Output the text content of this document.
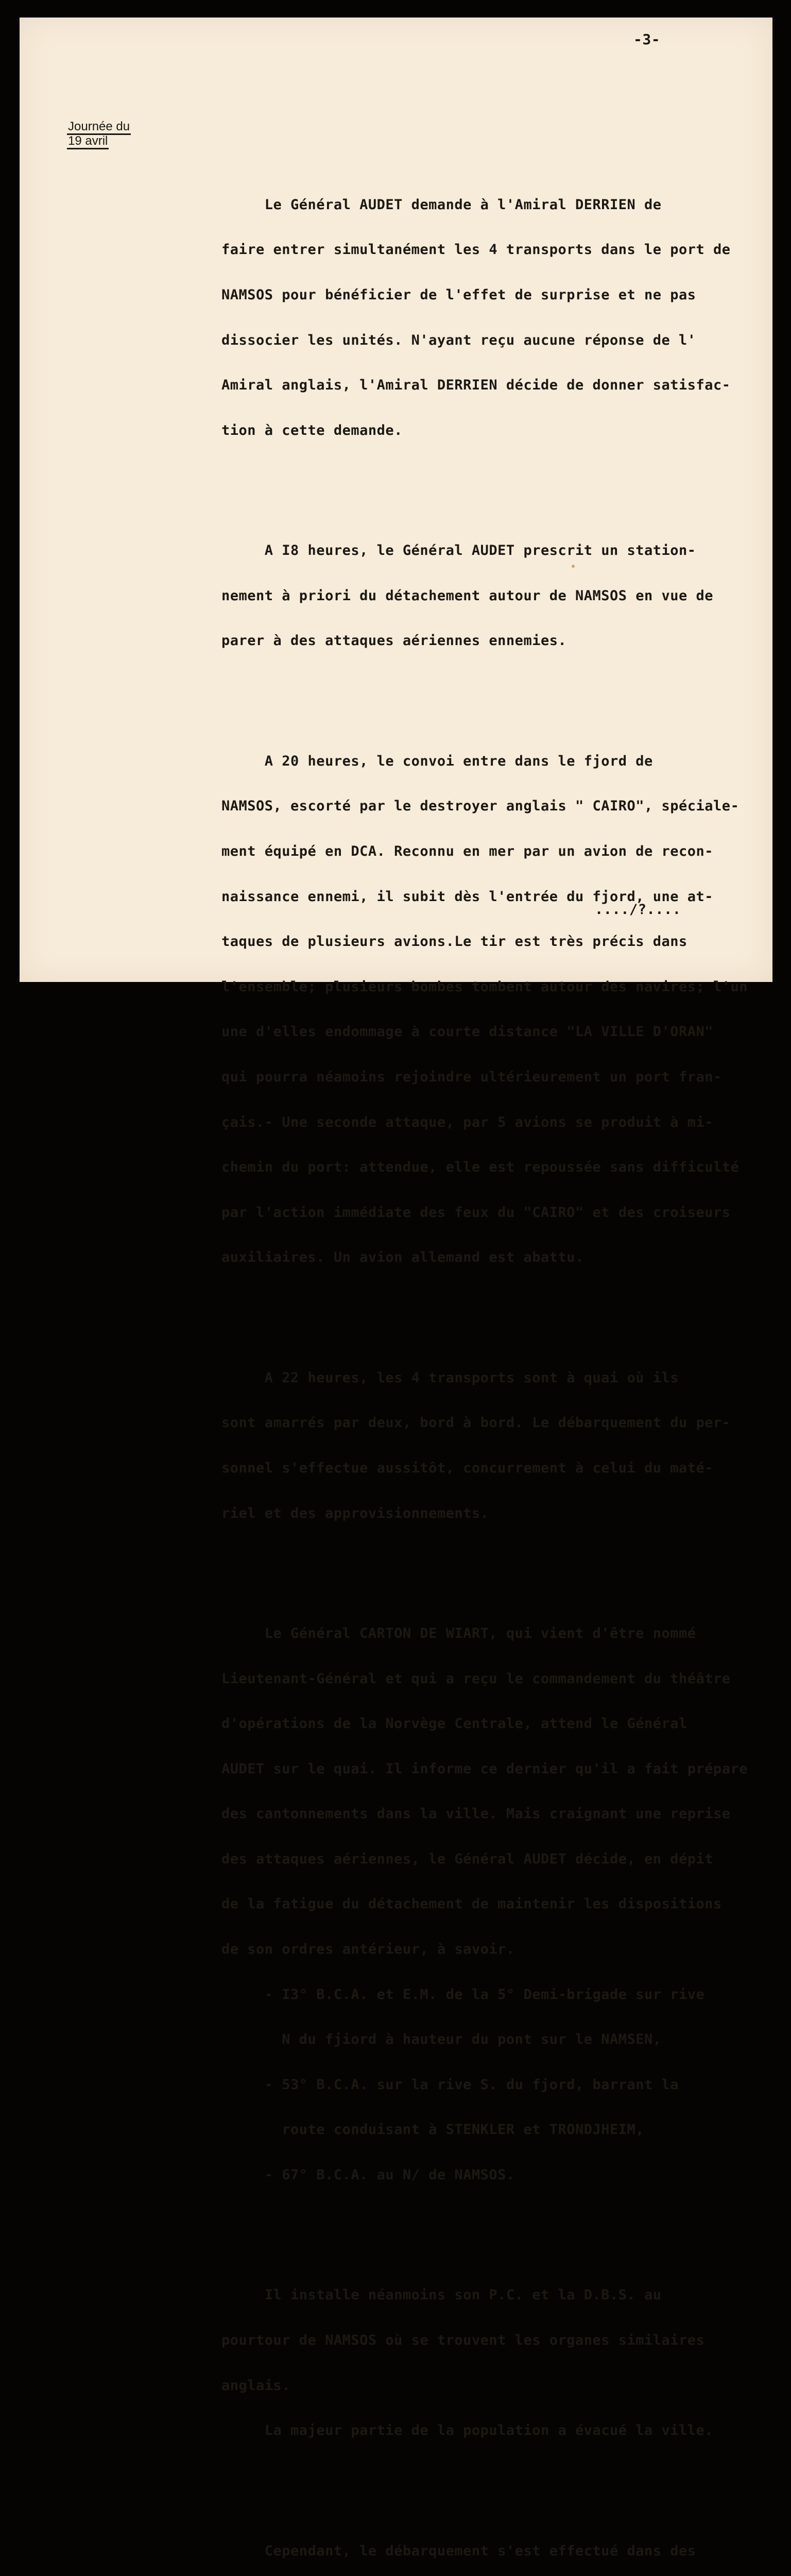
-3-
Journée du
19 avril

Le Général AUDET demande à l'Amiral DERRIEN de

faire entrer simultanément les 4 transports dans le port de

NAMSOS pour bénéficier de l'effet de surprise et ne pas

dissocier les unités. N'ayant reçu aucune réponse de l'

Amiral anglais, l'Amiral DERRIEN décide de donner satisfac-

tion à cette demande.

A I8 heures, le Général AUDET prescrit un station-

nement à priori du détachement autour de NAMSOS en vue de

parer à des attaques aériennes ennemies.

A 20 heures, le convoi entre dans le fjord de

NAMSOS, escorté par le destroyer anglais " CAIRO", spéciale-

ment équipé en DCA. Reconnu en mer par un avion de recon-

naissance ennemi, il subit dès l'entrée du fjord, une at-

taques de plusieurs avions.Le tir est très précis dans

l'ensemble; plusieurs bombes tombent autour des navires; l'un

une d'elles endommage à courte distance "LA VILLE D'ORAN"

qui pourra néamoins rejoindre ultérieurement un port fran-

çais.- Une seconde attaque, par 5 avions se produit à mi-

chemin du port: attendue, elle est repoussée sans difficulté

par l'action immédiate des feux du "CAIRO" et des croiseurs

auxiliaires. Un avion allemand est abattu.

A 22 heures, les 4 transports sont à quai où ils

sont amarrés par deux, bord à bord. Le débarquement du per-

sonnel s'effectue aussitôt, concurrement à celui du maté-

riel et des approvisionnements.

Le Général CARTON DE WIART, qui vient d'être nommé

Lieutenant-Général et qui a reçu le commandement du théâtre

d'opérations de la Norvège Centrale, attend le Général

AUDET sur le quai. Il informe ce dernier qu'il a fait prépare

des cantonnements dans la ville. Mais craignant une reprise

des attaques aériennes, le Général AUDET décide, en dépit

de la fatigue du détachement de maintenir les dispositions

de son ordres antérieur, à savoir.

- I3° B.C.A. et E.M. de la 5° Demi-brigade sur rive

N du fjiord à hauteur du pont sur le NAMSEN,

- 53° B.C.A. sur la rive S. du fjord, barrant la

route conduisant à STENKLER et TRONDJHEIM,

- 67° B.C.A. au N/ de NAMSOS.

Il installe néanmoins son P.C. et la D.B.S. au

pourtour de NAMSOS où se trouvent les organes similaires

anglais.

La majeur partie de la population a évacué la ville.

Cependant, le débarquement s'est effectué dans des

..../?....
